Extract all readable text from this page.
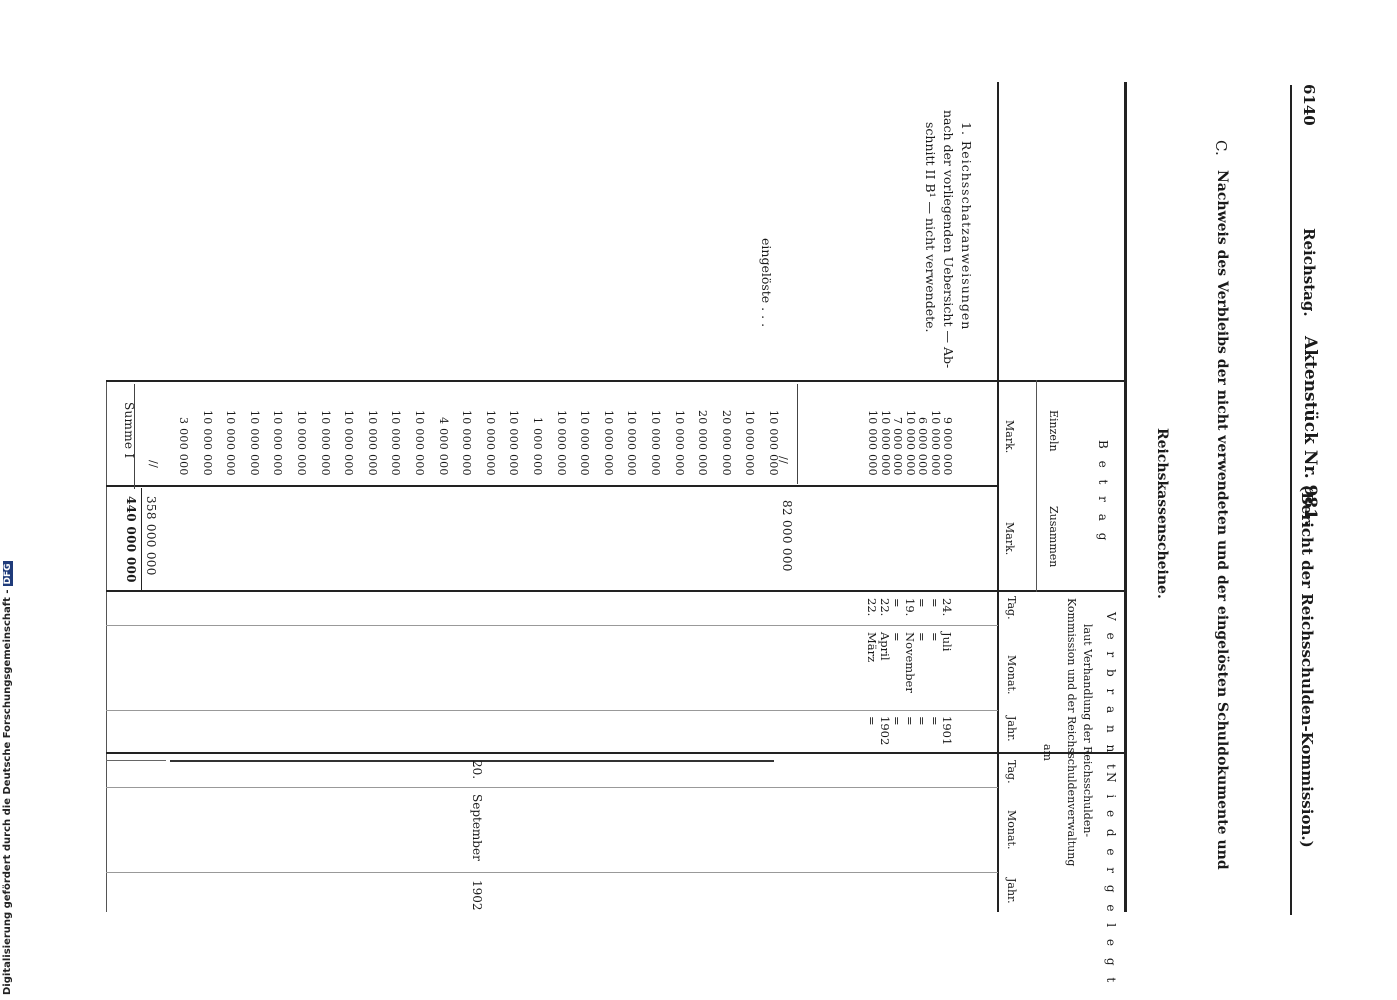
Digitalisierung gefördert durch die Deutsche Forschungsgemeinschaft -DFG
6140
Reichstag.
Aktenstück Nr. 981.
(Bericht der Reichsschulden-Kommission.)
C.
Nachweis des Verbleibs der nicht verwendeten und der eingelösten Schuldokumente und
Reichskassenscheine.
B e t r a g
Einzeln
Zusammen
Mark.
Mark.
V e r b r a n n t
N i e d e r g e l e g t
laut Verhandlung der Reichsschulden-
Kommission und der Reichsschuldenverwaltung
am
Tag.
Monat.
Jahr.
Tag.
Monat.
Jahr.
1. Reichsschatzanweisungen
nach der vorliegenden Uebersicht — Ab-
schnitt II B¹ — nicht verwendete.
eingelöste . . .
9 000 000
10 000 000
6 000 000
10 000 000
7 000 000
10 000 000
10 000 000
10 000 000
10 000 000
20 000 000
20 000 000
10 000 000
10 000 000
10 000 000
10 000 000
10 000 000
10 000 000
1 000 000
10 000 000
10 000 000
10 000 000
4 000 000
10 000 000
10 000 000
10 000 000
10 000 000
10 000 000
10 000 000
10 000 000
10 000 000
10 000 000
10 000 000
3 000 000	//
82 000 000
//
358 000 000
Summe I
440 000 000
24.
Juli
1901
=
=
=
=
=
=
19.
November
=
=
=
=
22.
April
1902
22.
März
=
20.
September
1902
